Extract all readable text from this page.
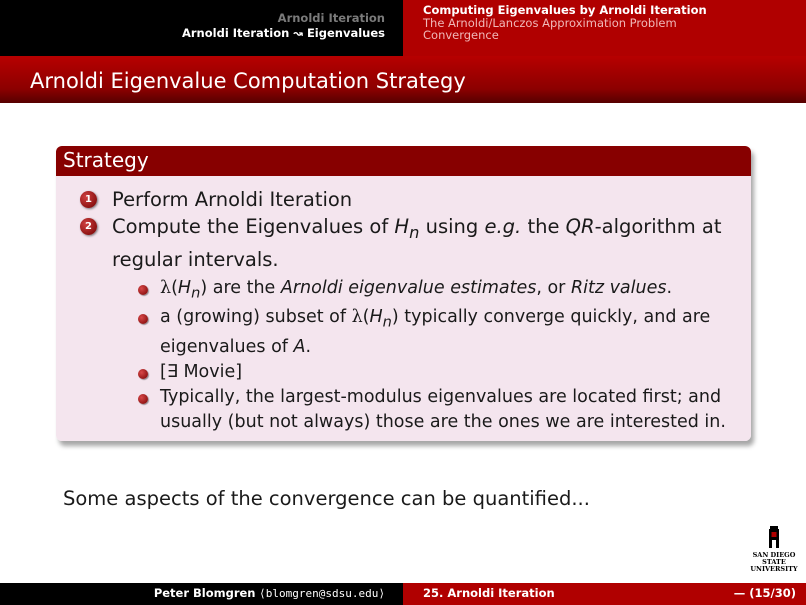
Arnoldi Iteration
Arnoldi Iteration ↝ Eigenvalues
Computing Eigenvalues by Arnoldi Iteration
The Arnoldi/Lanczos Approximation Problem
Convergence
Arnoldi Eigenvalue Computation Strategy
Strategy
1 Perform Arnoldi Iteration
2 Compute the Eigenvalues of $H_n$ using e.g. the QR-algorithm at regular intervals.
$\lambda(H_n)$ are the Arnoldi eigenvalue estimates, or Ritz values.
a (growing) subset of $\lambda(H_n)$ typically converge quickly, and are eigenvalues of A.
[∃ Movie]
Typically, the largest-modulus eigenvalues are located first; and usually (but not always) those are the ones we are interested in.
Some aspects of the convergence can be quantified...
SAN DIEGO STATE
UNIVERSITY
Peter Blomgren ⟨blomgren@sdsu.edu⟩	25. Arnoldi Iteration	— (15/30)
